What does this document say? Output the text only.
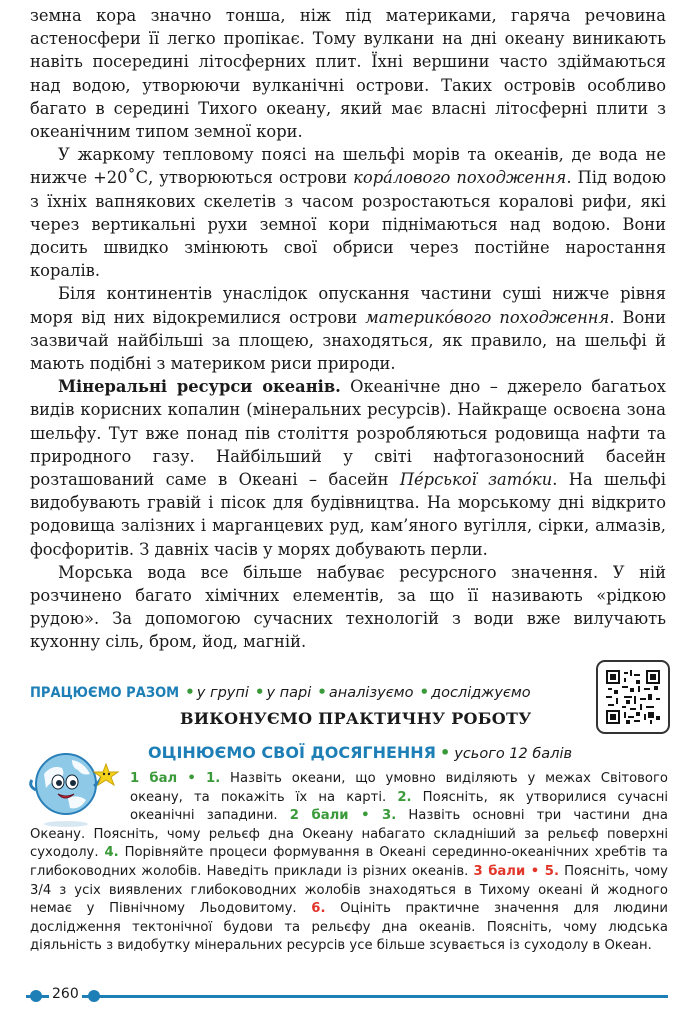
земна кора значно тонша, ніж під материками, гаряча речовина астеносфери її легко пропікає. Тому вулкани на дні океану виникають навіть посередині літосферних плит. Їхні вершини часто здіймаються над водою, утворюючи вулканічні острови. Таких островів особливо багато в середині Тихого океану, який має власні літосферні плити з океанічним типом земної кори.

У жаркому тепловому поясі на шельфі морів та океанів, де вода не нижче +20˚С, утворюються острови кора́лового походження. Під водою з їхніх вапнякових скелетів з часом розростаються коралові рифи, які через вертикальні рухи земної кори піднімаються над водою. Вони досить швидко змінюють свої обриси через постійне наростання коралів.

Біля континентів унаслідок опускання частини суші нижче рівня моря від них відокремилися острови материко́вого походження. Вони зазвичай найбільші за площею, знаходяться, як правило, на шельфі й мають подібні з материком риси природи.

Мінеральні ресурси океанів. Океанічне дно – джерело багатьох видів корисних копалин (мінеральних ресурсів). Найкраще освоєна зона шельфу. Тут вже понад пів століття розробляються родовища нафти та природного газу. Найбільший у світі нафтогазоносний басейн розташований саме в Океані – басейн Пе́рської зато́ки. На шельфі видобувають гравій і пісок для будівництва. На морському дні відкрито родовища залізних і марганцевих руд, кам’яного вугілля, сірки, алмазів, фосфоритів. З давніх часів у морях добувають перли.

Морська вода все більше набуває ресурсного значення. У ній розчинено багато хімічних елементів, за що її називають «рідкою рудою». За допомогою сучасних технологій з води вже вилучають кухонну сіль, бром, йод, магній.

ПРАЦЮЄМО РАЗОМ • у групі • у парі • аналізуємо • досліджуємо
ВИКОНУЄМО ПРАКТИЧНУ РОБОТУ
ОЦІНЮЄМО СВОЇ ДОСЯГНЕННЯ • усього 12 балів
1 бал • 1. Назвіть океани, що умовно виділяють у межах Світового
океану, та покажіть їх на карті. 2. Поясніть, як утворилися сучасні
океанічні западини. 2 бали • 3. Назвіть основні три частини дна
Океану. Поясніть, чому рельєф дна Океану набагато складніший за рельєф поверхні суходолу. 4. Порівняйте процеси формування в Океані серединно-океанічних хребтів та глибоководних жолобів. Наведіть приклади із різних океанів. 3 бали • 5. Поясніть, чому 3/4 з усіх виявлених глибоководних жолобів знаходяться в Тихому океані й жодного немає у Північному Льодовитому. 6. Оцініть практичне значення для людини дослідження тектонічної будови та рельєфу дна океанів. Поясніть, чому людська діяльність з видобутку мінеральних ресурсів усе більше зсувається із суходолу в Океан.
260
